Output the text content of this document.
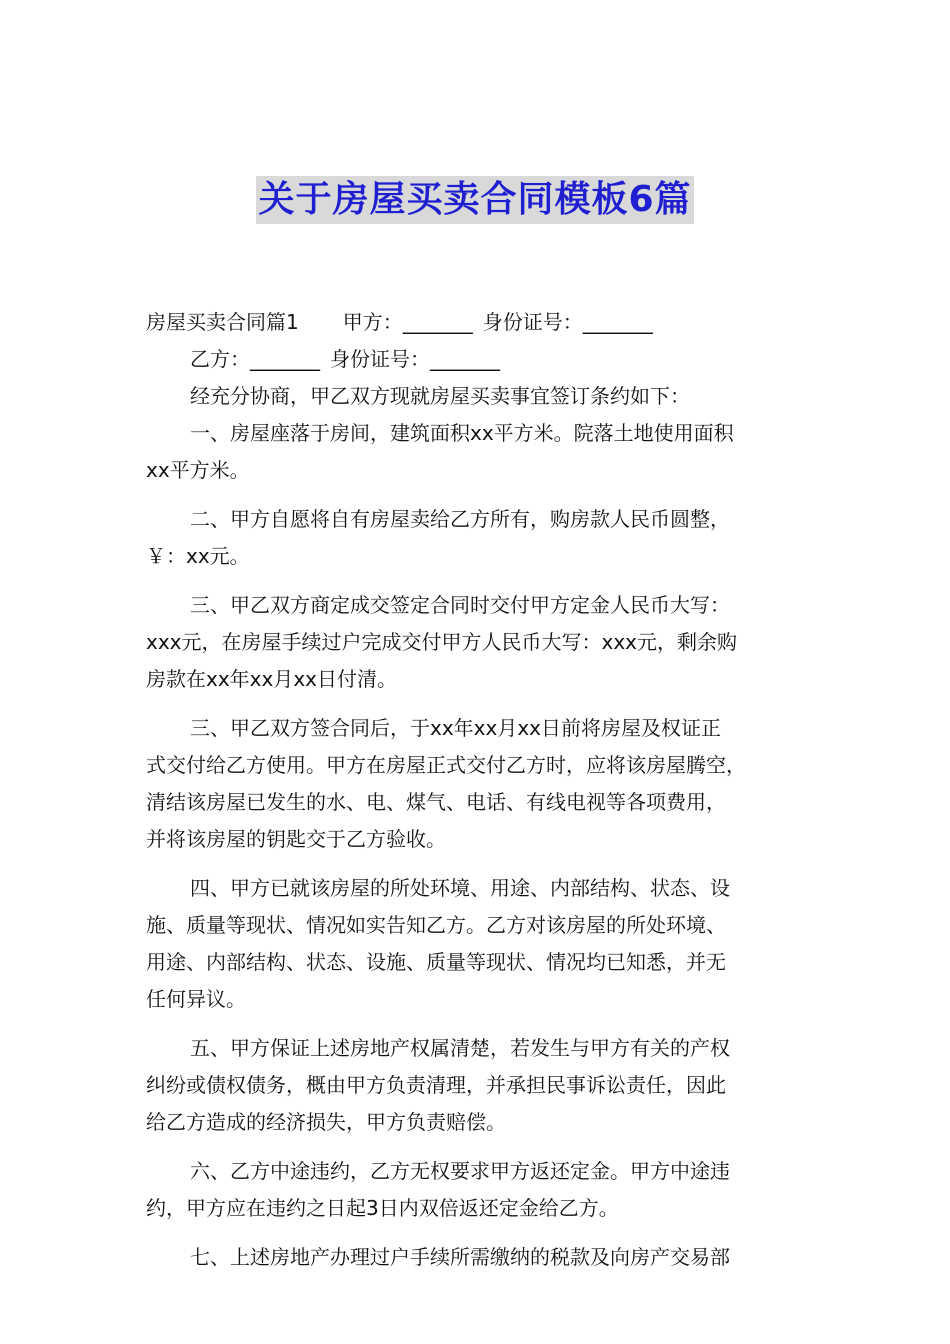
关于房屋买卖合同模板6篇
房屋买卖合同篇1 甲方：_______ 身份证号：_______
乙方：_______ 身份证号：_______
经充分协商，甲乙双方现就房屋买卖事宜签订条约如下：
一、房屋座落于房间，建筑面积xx平方米。院落土地使用面积
xx平方米。
二、甲方自愿将自有房屋卖给乙方所有，购房款人民币圆整，
￥：xx元。
三、甲乙双方商定成交签定合同时交付甲方定金人民币大写：
xxx元，在房屋手续过户完成交付甲方人民币大写：xxx元，剩余购
房款在xx年xx月xx日付清。
三、甲乙双方签合同后，于xx年xx月xx日前将房屋及权证正
式交付给乙方使用。甲方在房屋正式交付乙方时，应将该房屋腾空，
清结该房屋已发生的水、电、煤气、电话、有线电视等各项费用，
并将该房屋的钥匙交于乙方验收。
四、甲方已就该房屋的所处环境、用途、内部结构、状态、设
施、质量等现状、情况如实告知乙方。乙方对该房屋的所处环境、
用途、内部结构、状态、设施、质量等现状、情况均已知悉，并无
任何异议。
五、甲方保证上述房地产权属清楚，若发生与甲方有关的产权
纠纷或债权债务，概由甲方负责清理，并承担民事诉讼责任，因此
给乙方造成的经济损失，甲方负责赔偿。
六、乙方中途违约，乙方无权要求甲方返还定金。甲方中途违
约，甲方应在违约之日起3日内双倍返还定金给乙方。
七、上述房地产办理过户手续所需缴纳的税款及向房产交易部
